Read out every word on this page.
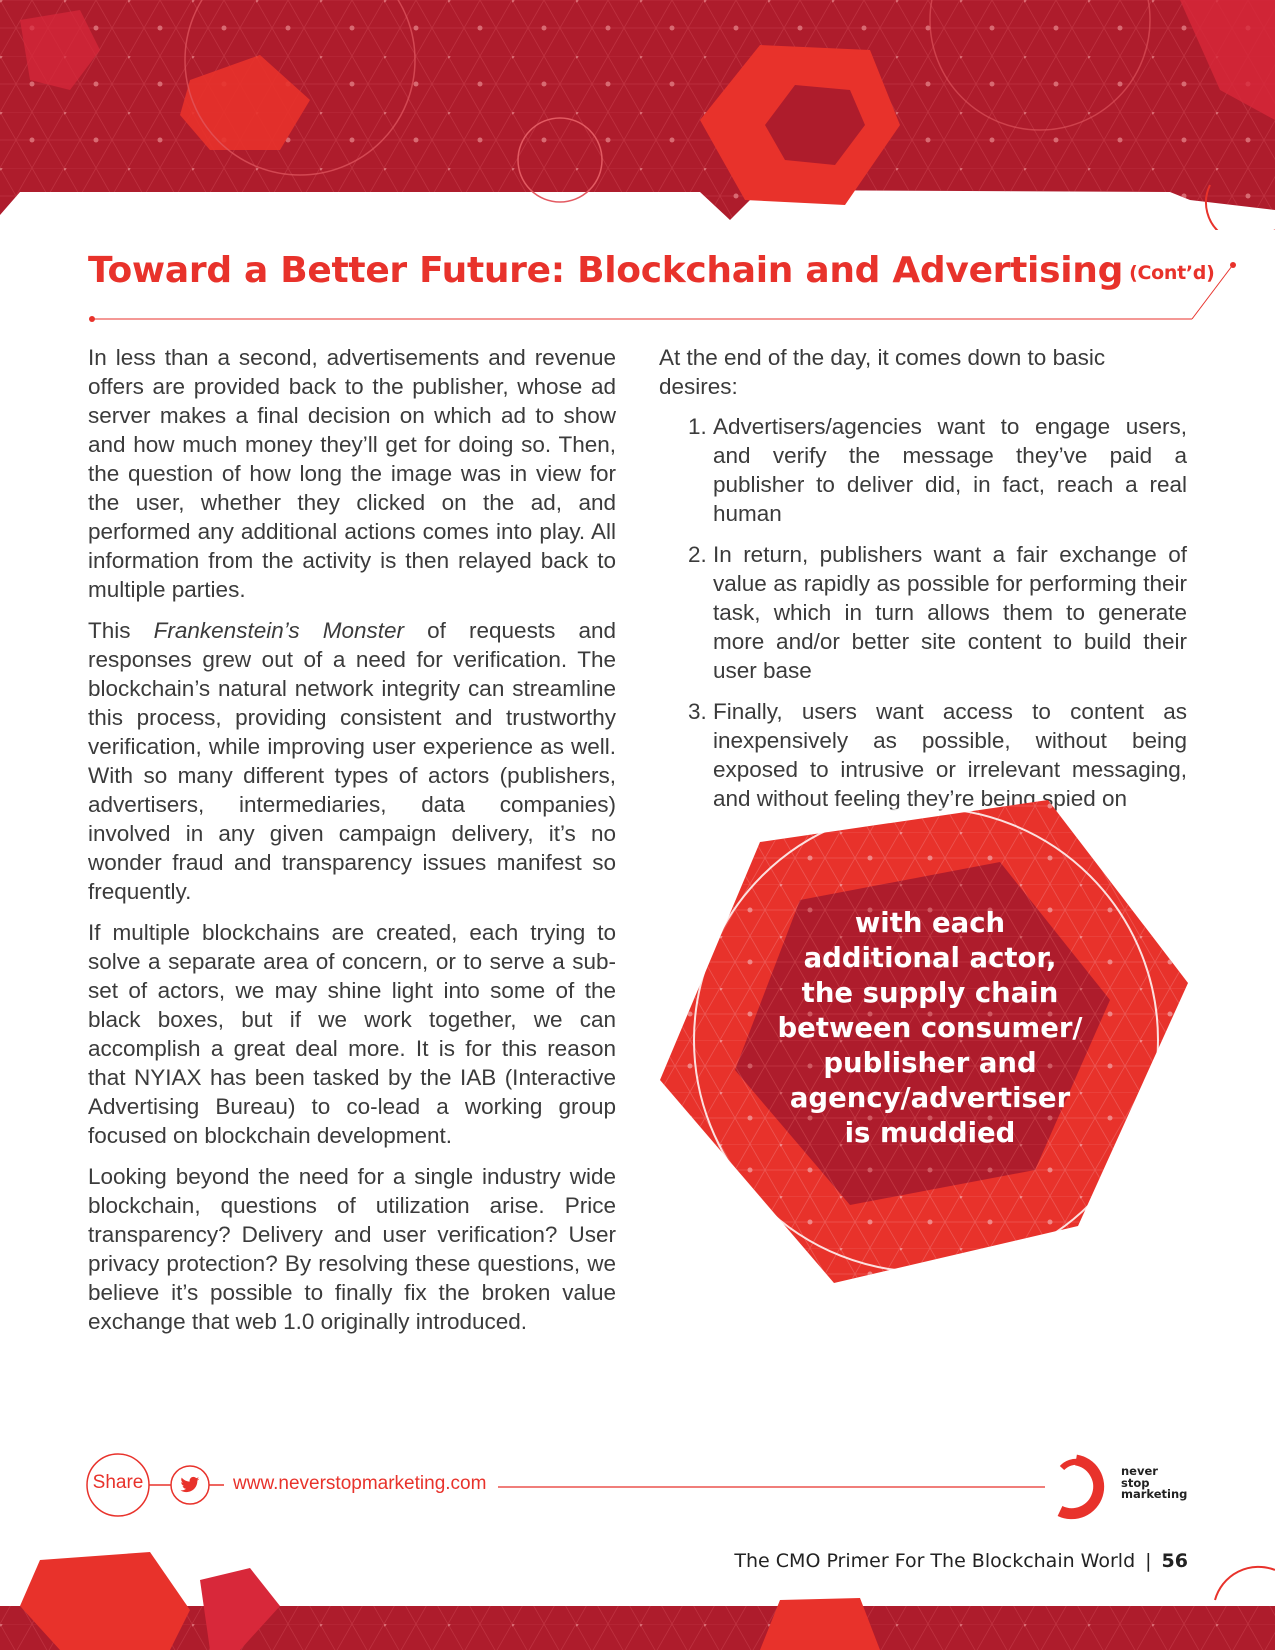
Toward a Better Future: Blockchain and Advertising (Cont’d)

In less than a second, advertisements and revenue offers are provided back to the publisher, whose ad server makes a final decision on which ad to show and how much money they’ll get for doing so. Then, the question of how long the image was in view for the user, whether they clicked on the ad, and performed any additional actions comes into play. All information from the activity is then relayed back to multiple parties.

This Frankenstein’s Monster of requests and responses grew out of a need for verification. The blockchain’s natural network integrity can streamline this process, providing consistent and trustworthy verification, while improving user experience as well. With so many different types of actors (publishers, advertisers, intermediaries, data companies) involved in any given campaign delivery, it’s no wonder fraud and transparency issues manifest so frequently.

If multiple blockchains are created, each trying to solve a separate area of concern, or to serve a sub-set of actors, we may shine light into some of the black boxes, but if we work together, we can accomplish a great deal more. It is for this reason that NYIAX has been tasked by the IAB (Interactive Advertising Bureau) to co-lead a working group focused on blockchain development.

Looking beyond the need for a single industry wide blockchain, questions of utilization arise. Price transparency? Delivery and user verification? User privacy protection? By resolving these questions, we believe it’s possible to finally fix the broken value exchange that web 1.0 originally introduced.

At the end of the day, it comes down to basic desires:

1. Advertisers/agencies want to engage users, and verify the message they’ve paid a publisher to deliver did, in fact, reach a real human
2. In return, publishers want a fair exchange of value as rapidly as possible for performing their task, which in turn allows them to generate more and/or better site content to build their user base
3. Finally, users want access to content as inexpensively as possible, without being exposed to intrusive or irrelevant messaging, and without feeling they’re being spied on
with each
additional actor,
the supply chain
between consumer/
publisher and
agency/advertiser
is muddied
Share	www.neverstopmarketing.com
never
stop
marketing
The CMO Primer For The Blockchain World | 56
